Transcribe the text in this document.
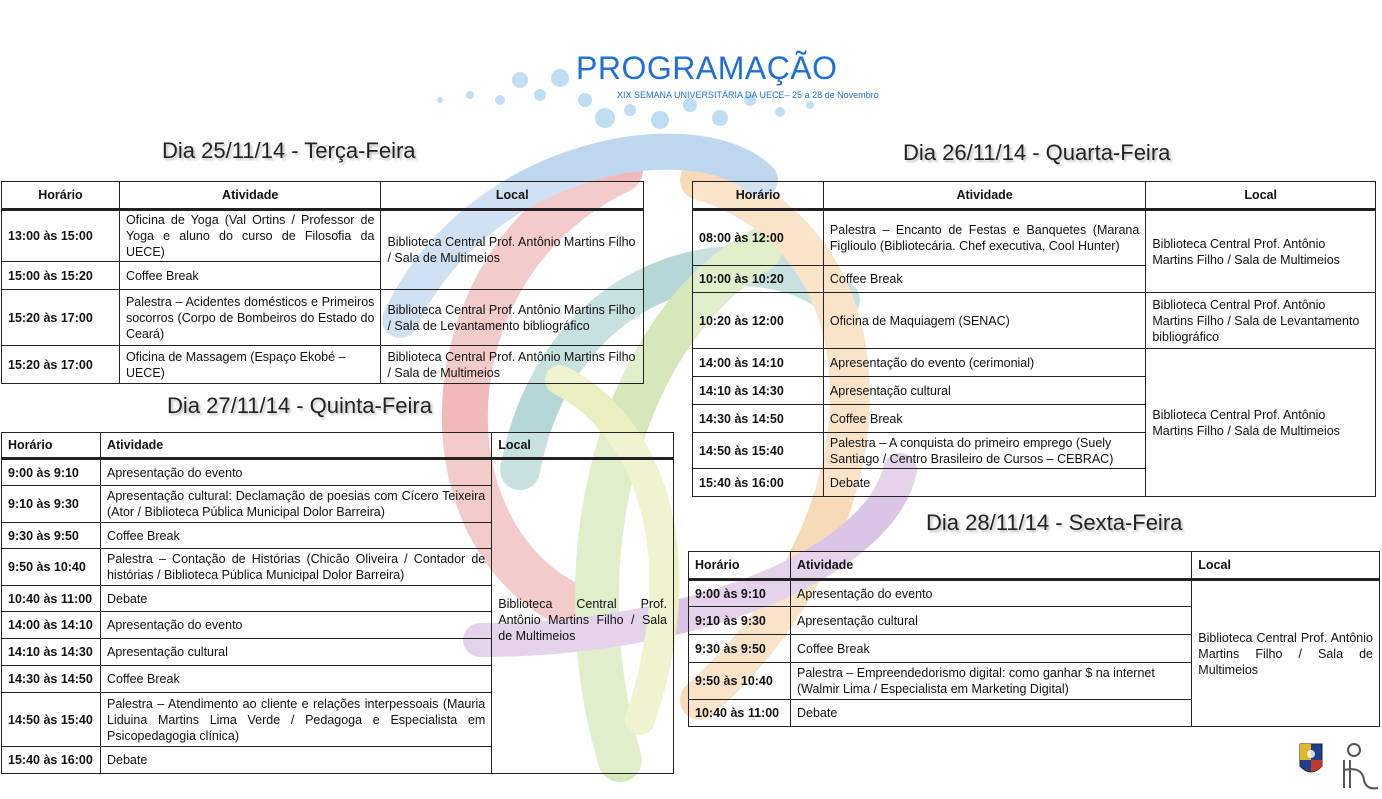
PROGRAMAÇÃO
XIX SEMANA UNIVERSITÁRIA DA UECE– 25 a 28 de Novembro
Dia 25/11/14 - Terça-Feira
Horário	Atividade	Local
13:00 às 15:00	Oficina de Yoga (Val Ortins / Professor de Yoga e aluno do curso de Filosofia da UECE)	Biblioteca Central Prof. Antônio Martins Filho / Sala de Multimeios
15:00 às 15:20	Coffee Break	
15:20 às 17:00	Palestra – Acidentes domésticos e Primeiros socorros (Corpo de Bombeiros do Estado do Ceará)	Biblioteca Central Prof. Antônio Martins Filho / Sala de Levantamento bibliográfico
15:20 às 17:00	Oficina de Massagem (Espaço Ekobé – UECE)	Biblioteca Central Prof. Antônio Martins Filho / Sala de Multimeios
Dia 26/11/14 - Quarta-Feira
Horário	Atividade	Local
08:00 às 12:00	Palestra – Encanto de Festas e Banquetes (Marana Figlioulo (Bibliotecária. Chef executiva, Cool Hunter)	Biblioteca Central Prof. Antônio Martins Filho / Sala de Multimeios
10:00 às 10:20	Coffee Break	
10:20 às 12:00	Oficina de Maquiagem (SENAC)	Biblioteca Central Prof. Antônio Martins Filho / Sala de Levantamento bibliográfico
14:00 às 14:10	Apresentação do evento (cerimonial)	Biblioteca Central Prof. Antônio Martins Filho / Sala de Multimeios
14:10 às 14:30	Apresentação cultural	
14:30 às 14:50	Coffee Break	
14:50 às 15:40	Palestra – A conquista do primeiro emprego (Suely Santiago / Centro Brasileiro de Cursos – CEBRAC)	
15:40 às 16:00	Debate	
Dia 27/11/14 - Quinta-Feira
Horário	Atividade	Local
9:00 às 9:10	Apresentação do evento	Biblioteca Central Prof. Antônio Martins Filho / Sala de Multimeios
9:10 às 9:30	Apresentação cultural: Declamação de poesias com Cícero Teixeira (Ator / Biblioteca Pública Municipal Dolor Barreira)	
9:30 às 9:50	Coffee Break	
9:50 às 10:40	Palestra – Contação de Histórias (Chicão Oliveira / Contador de histórias / Biblioteca Pública Municipal Dolor Barreira)	
10:40 às 11:00	Debate	
14:00 às 14:10	Apresentação do evento	
14:10 às 14:30	Apresentação cultural	
14:30 às 14:50	Coffee Break	
14:50 às 15:40	Palestra – Atendimento ao cliente e relações interpessoais (Mauria Liduina Martins Lima Verde / Pedagoga e Especialista em Psicopedagogia clínica)	
15:40 às 16:00	Debate	
Dia 28/11/14 - Sexta-Feira
Horário	Atividade	Local
9:00 às 9:10	Apresentação do evento	Biblioteca Central Prof. Antônio Martins Filho / Sala de Multimeios
9:10 às 9:30	Apresentação cultural	
9:30 às 9:50	Coffee Break	
9:50 às 10:40	Palestra – Empreendedorismo digital: como ganhar $ na internet (Walmir Lima / Especialista em Marketing Digital)	
10:40 às 11:00	Debate	
